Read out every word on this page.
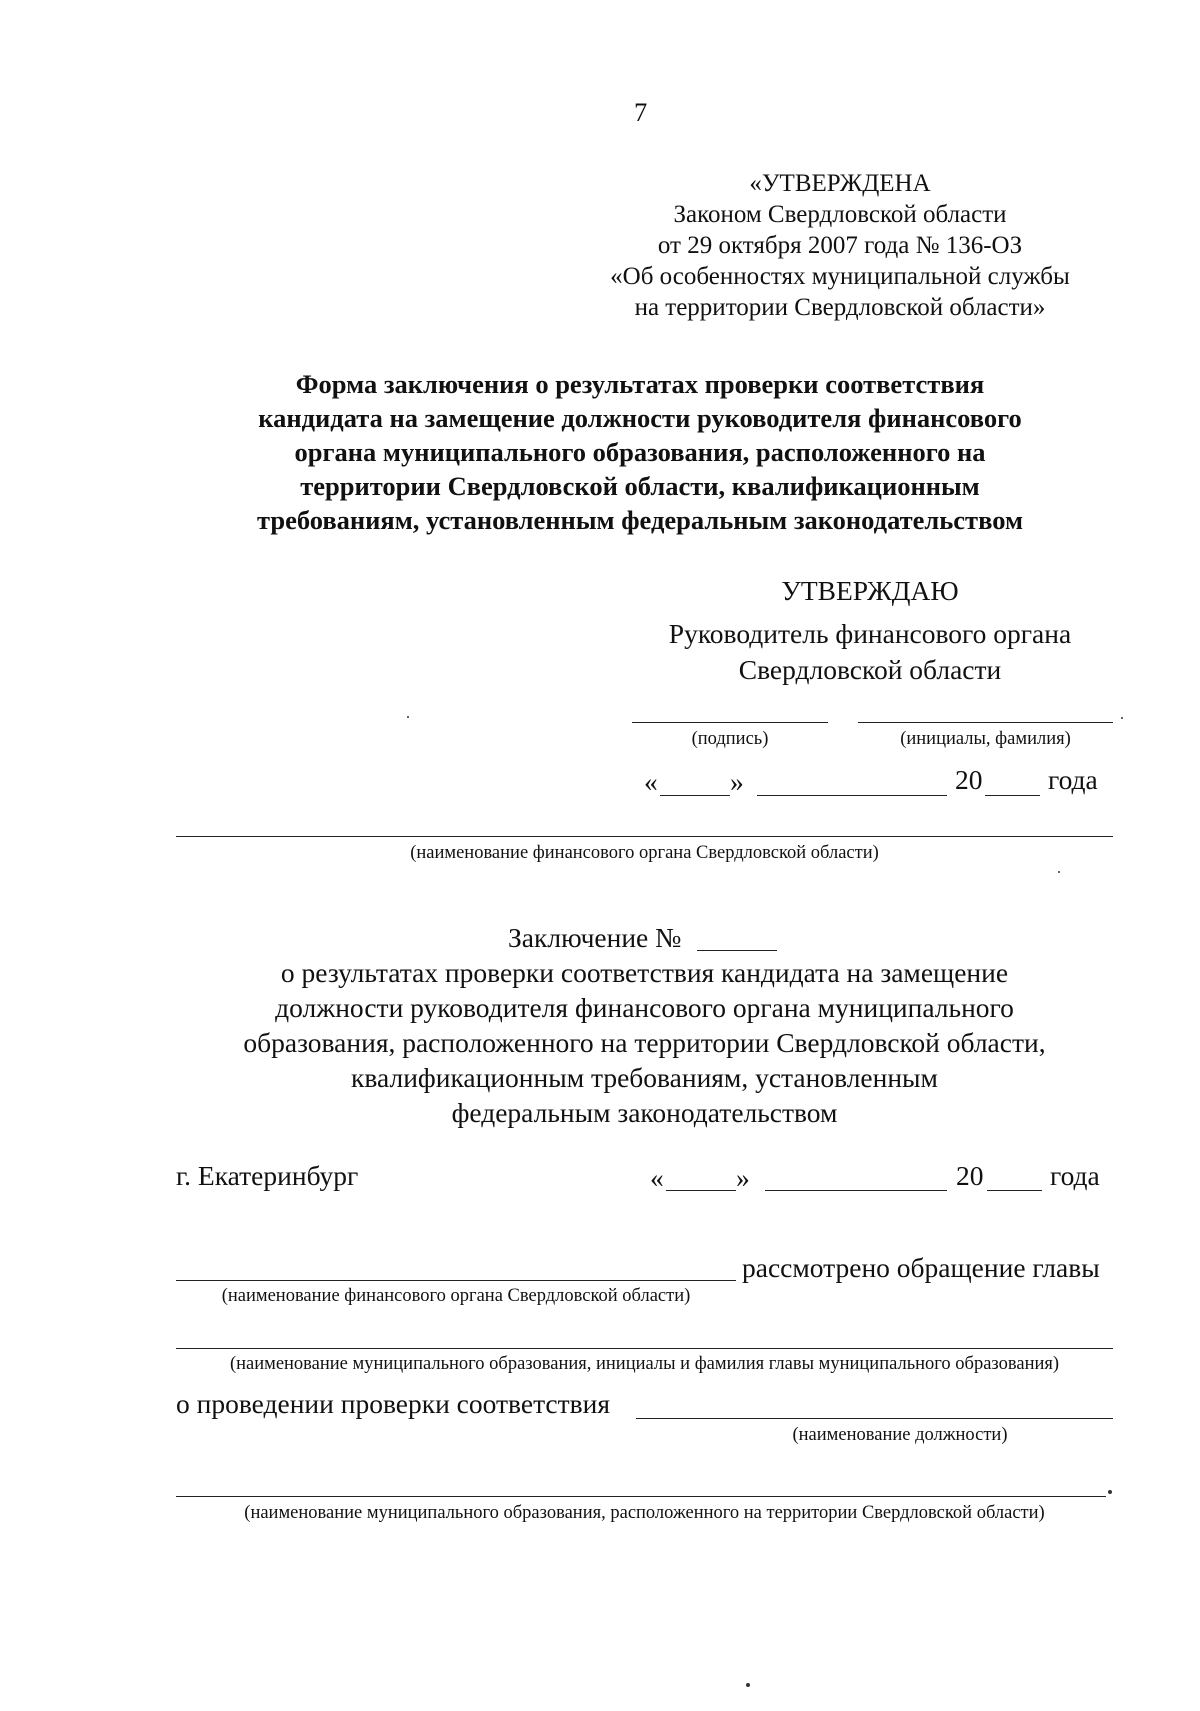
7
«УТВЕРЖДЕНА
Законом Свердловской области
от 29 октября 2007 года № 136-ОЗ
«Об особенностях муниципальной службы
на территории Свердловской области»
Форма заключения о результатах проверки соответствия
кандидата на замещение должности руководителя финансового
органа муниципального образования, расположенного на
территории Свердловской области, квалификационным
требованиям, установленным федеральным законодательством
УТВЕРЖДАЮ
Руководитель финансового органа
Свердловской области
(подпись)	(инициалы, фамилия)
«	»	20 года
(наименование финансового органа Свердловской области)
Заключение №
о результатах проверки соответствия кандидата на замещение
должности руководителя финансового органа муниципального
образования, расположенного на территории Свердловской области,
квалификационным требованиям, установленным
федеральным законодательством
г. Екатеринбург	«	»	20 года
рассмотрено обращение главы
(наименование финансового органа Свердловской области)
(наименование муниципального образования, инициалы и фамилия главы муниципального образования)
о проведении проверки соответствия
(наименование должности)
(наименование муниципального образования, расположенного на территории Свердловской области)
